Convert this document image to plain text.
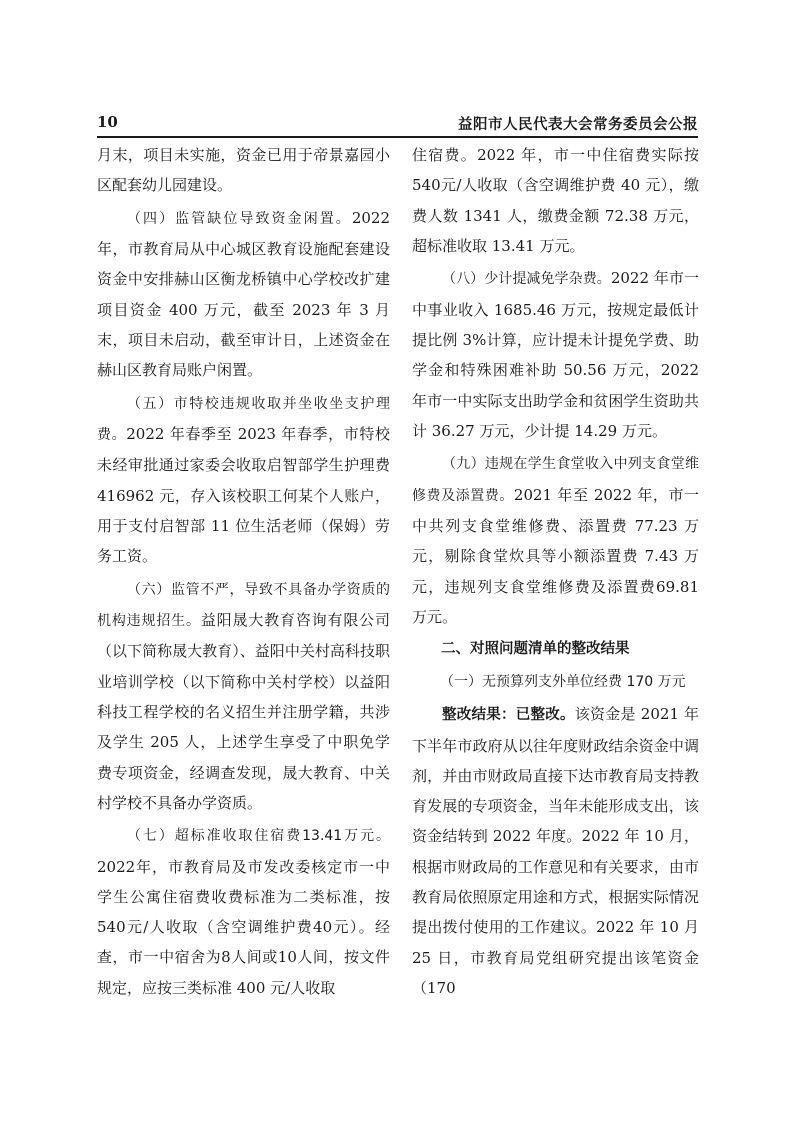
10	益阳市人民代表大会常务委员会公报

月末，项目未实施，资金已用于帝景嘉园小区配套幼儿园建设。

（四）监管缺位导致资金闲置。2022年，市教育局从中心城区教育设施配套建设资金中安排赫山区衡龙桥镇中心学校改扩建项目资金 400 万元，截至 2023 年 3 月末，项目未启动，截至审计日，上述资金在赫山区教育局账户闲置。

（五）市特校违规收取并坐收坐支护理费。2022 年春季至 2023 年春季，市特校未经审批通过家委会收取启智部学生护理费 416962 元，存入该校职工何某个人账户，用于支付启智部 11 位生活老师（保姆）劳务工资。

（六）监管不严，导致不具备办学资质的机构违规招生。益阳晟大教育咨询有限公司（以下简称晟大教育）、益阳中关村高科技职业培训学校（以下简称中关村学校）以益阳科技工程学校的名义招生并注册学籍，共涉及学生 205 人，上述学生享受了中职免学费专项资金，经调查发现，晟大教育、中关村学校不具备办学资质。

（七）超标准收取住宿费13.41万元。2022年，市教育局及市发改委核定市一中学生公寓住宿费收费标准为二类标准，按540元/人收取（含空调维护费40元）。经查，市一中宿舍为8人间或10人间，按文件规定，应按三类标准 400 元/人收取

住宿费。2022 年，市一中住宿费实际按540元/人收取（含空调维护费 40 元），缴费人数 1341 人，缴费金额 72.38 万元，超标准收取 13.41 万元。

（八）少计提减免学杂费。2022 年市一中事业收入 1685.46 万元，按规定最低计提比例 3%计算，应计提未计提免学费、助学金和特殊困难补助 50.56 万元，2022 年市一中实际支出助学金和贫困学生资助共计 36.27 万元，少计提 14.29 万元。

（九）违规在学生食堂收入中列支食堂维修费及添置费。2021 年至 2022 年，市一中共列支食堂维修费、添置费 77.23 万元，剔除食堂炊具等小额添置费 7.43 万元，违规列支食堂维修费及添置费69.81 万元。

二、对照问题清单的整改结果

（一）无预算列支外单位经费 170 万元

整改结果：已整改。该资金是 2021 年下半年市政府从以往年度财政结余资金中调剂，并由市财政局直接下达市教育局支持教育发展的专项资金，当年未能形成支出，该资金结转到 2022 年度。2022 年 10 月，根据市财政局的工作意见和有关要求，由市教育局依照原定用途和方式，根据实际情况提出拨付使用的工作建议。2022 年 10 月 25 日，市教育局党组研究提出该笔资金（170
